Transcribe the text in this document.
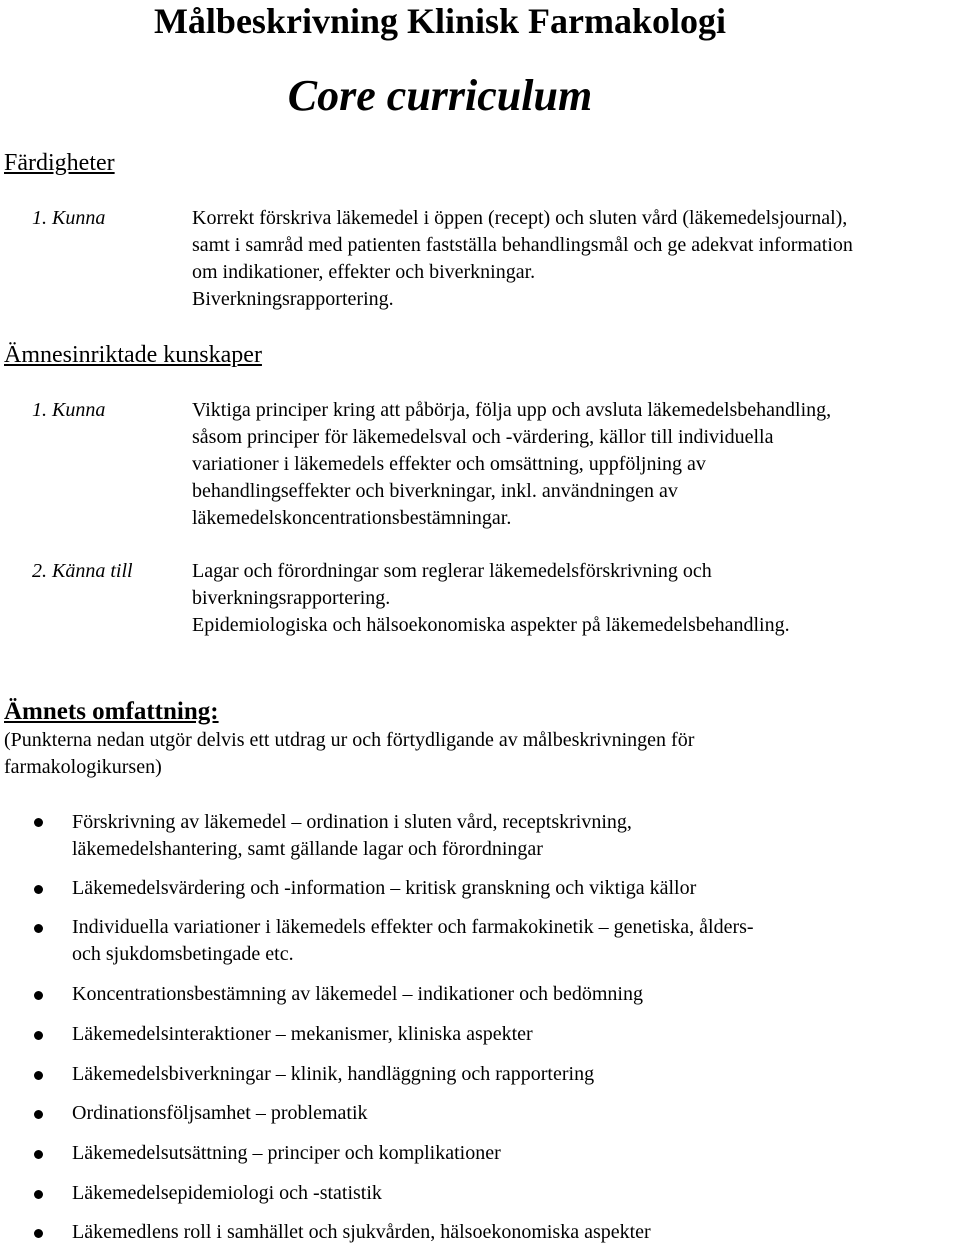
Målbeskrivning Klinisk Farmakologi
Core curriculum
Färdigheter
1. Kunna	Korrekt förskriva läkemedel i öppen (recept) och sluten vård (läkemedelsjournal),
samt i samråd med patienten fastställa behandlingsmål och ge adekvat information
om indikationer, effekter och biverkningar.
Biverkningsrapportering.
Ämnesinriktade kunskaper
1. Kunna	Viktiga principer kring att påbörja, följa upp och avsluta läkemedelsbehandling,
såsom principer för läkemedelsval och -värdering, källor till individuella
variationer i läkemedels effekter och omsättning, uppföljning av
behandlingseffekter och biverkningar, inkl. användningen av
läkemedelskoncentrationsbestämningar.
2. Känna till	Lagar och förordningar som reglerar läkemedelsförskrivning och
biverkningsrapportering.
Epidemiologiska och hälsoekonomiska aspekter på läkemedelsbehandling.
Ämnets omfattning:
(Punkterna nedan utgör delvis ett utdrag ur och förtydligande av målbeskrivningen för
farmakologikursen)
Förskrivning av läkemedel – ordination i sluten vård, receptskrivning,
läkemedelshantering, samt gällande lagar och förordningar
Läkemedelsvärdering och -information – kritisk granskning och viktiga källor
Individuella variationer i läkemedels effekter och farmakokinetik – genetiska, ålders-
och sjukdomsbetingade etc.
Koncentrationsbestämning av läkemedel – indikationer och bedömning
Läkemedelsinteraktioner – mekanismer, kliniska aspekter
Läkemedelsbiverkningar – klinik, handläggning och rapportering
Ordinationsföljsamhet – problematik
Läkemedelsutsättning – principer och komplikationer
Läkemedelsepidemiologi och -statistik
Läkemedlens roll i samhället och sjukvården, hälsoekonomiska aspekter
